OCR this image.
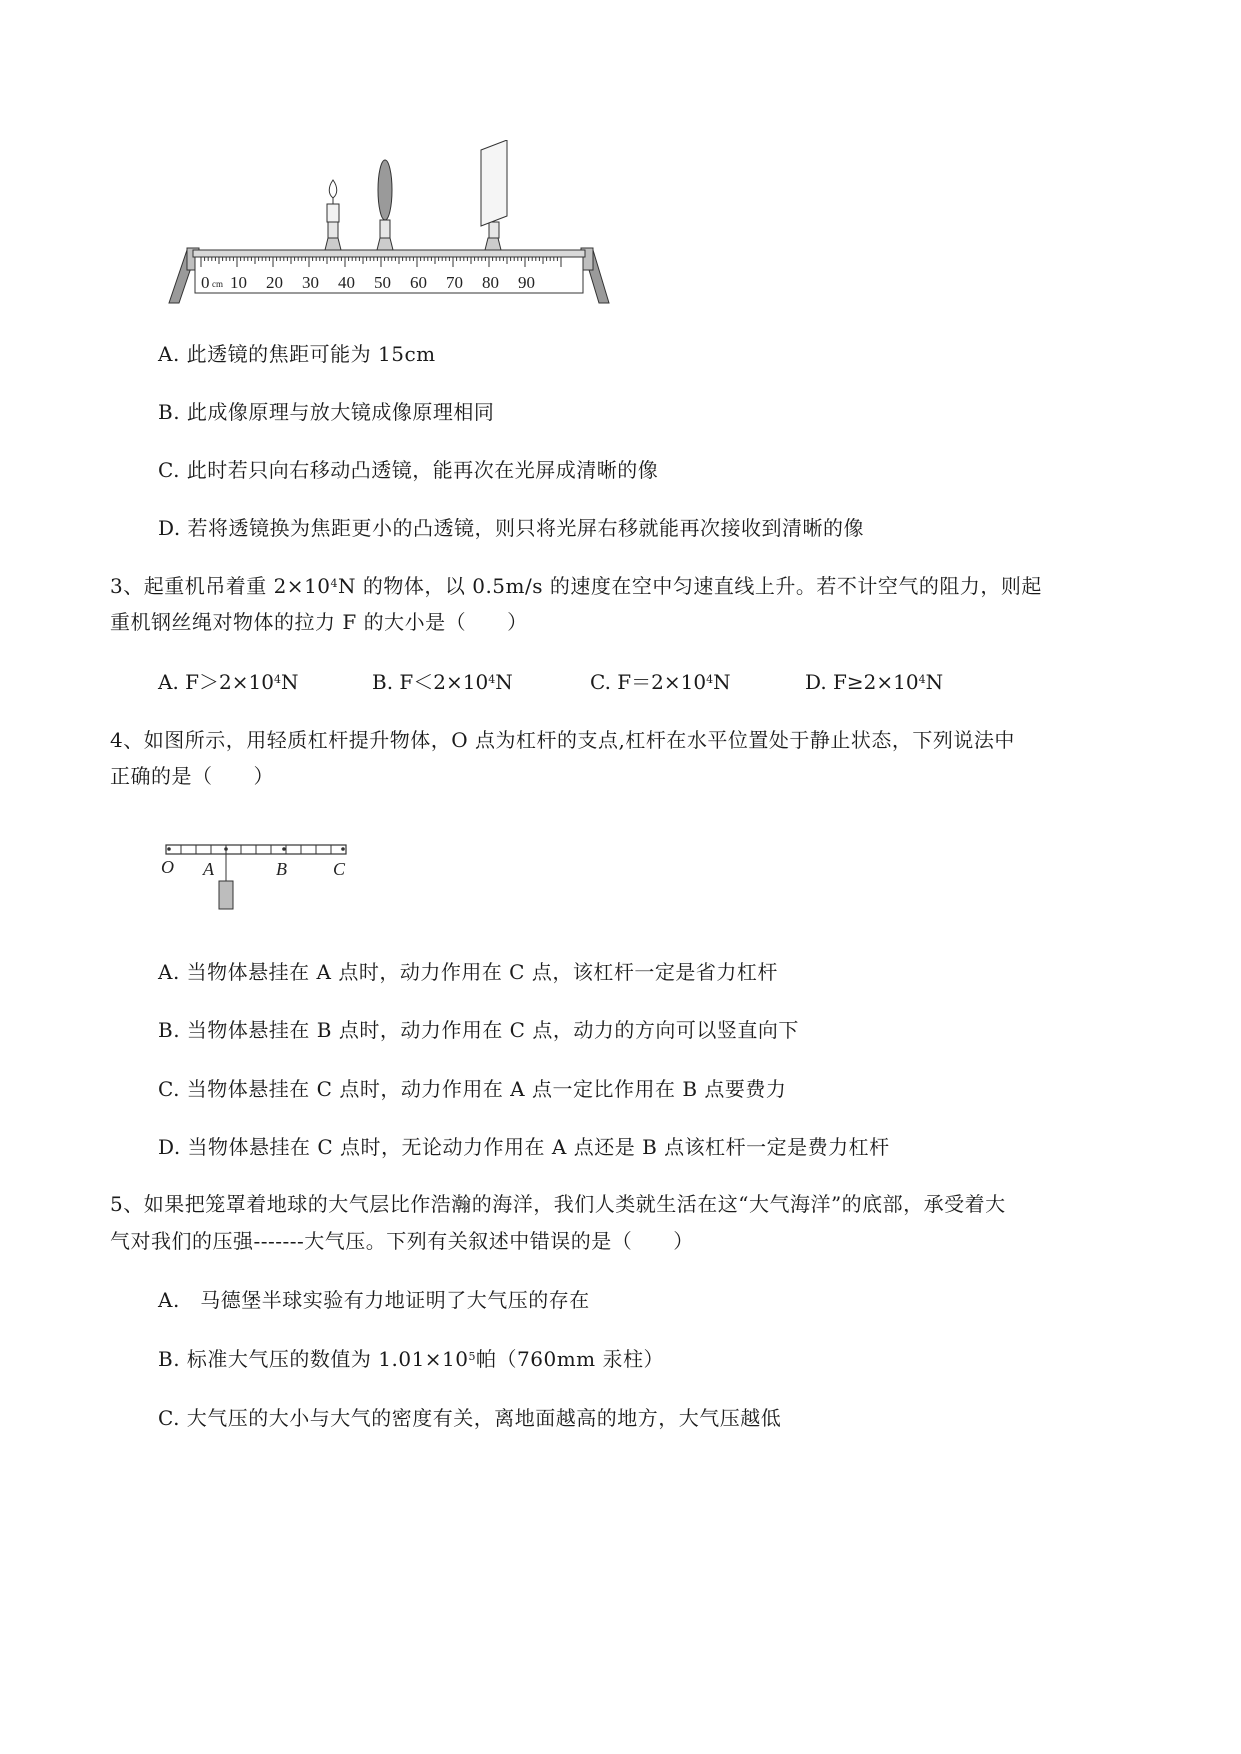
0 cm 10 20 30 40 50 60 70 80 90
A. 此透镜的焦距可能为 15cm
B. 此成像原理与放大镜成像原理相同
C. 此时若只向右移动凸透镜，能再次在光屏成清晰的像
D. 若将透镜换为焦距更小的凸透镜，则只将光屏右移就能再次接收到清晰的像
3、起重机吊着重 $2\times 10^4N$ 的物体，以 0.5m/s 的速度在空中匀速直线上升。若不计空气的阻力，则起
重机钢丝绳对物体的拉力 F 的大小是（　　）
A. $F>2\times 10^4N$	B. $F<2\times 10^4N$	C. $F=2\times 10^4N$	D. $F\ge 2\times 10^4N$
4、如图所示，用轻质杠杆提升物体，O 点为杠杆的支点,杠杆在水平位置处于静止状态，下列说法中
正确的是（　　）
O A	B	C
A. 当物体悬挂在 A 点时，动力作用在 C 点，该杠杆一定是省力杠杆
B. 当物体悬挂在 B 点时，动力作用在 C 点，动力的方向可以竖直向下
C. 当物体悬挂在 C 点时，动力作用在 A 点一定比作用在 B 点要费力
D. 当物体悬挂在 C 点时，无论动力作用在 A 点还是 B 点该杠杆一定是费力杠杆
5、如果把笼罩着地球的大气层比作浩瀚的海洋，我们人类就生活在这“大气海洋”的底部，承受着大
气对我们的压强-------大气压。下列有关叙述中错误的是（　　）
A.　马德堡半球实验有力地证明了大气压的存在
B. 标准大气压的数值为 $1.01\times 10^5$帕（760mm 汞柱）
C. 大气压的大小与大气的密度有关，离地面越高的地方，大气压越低
